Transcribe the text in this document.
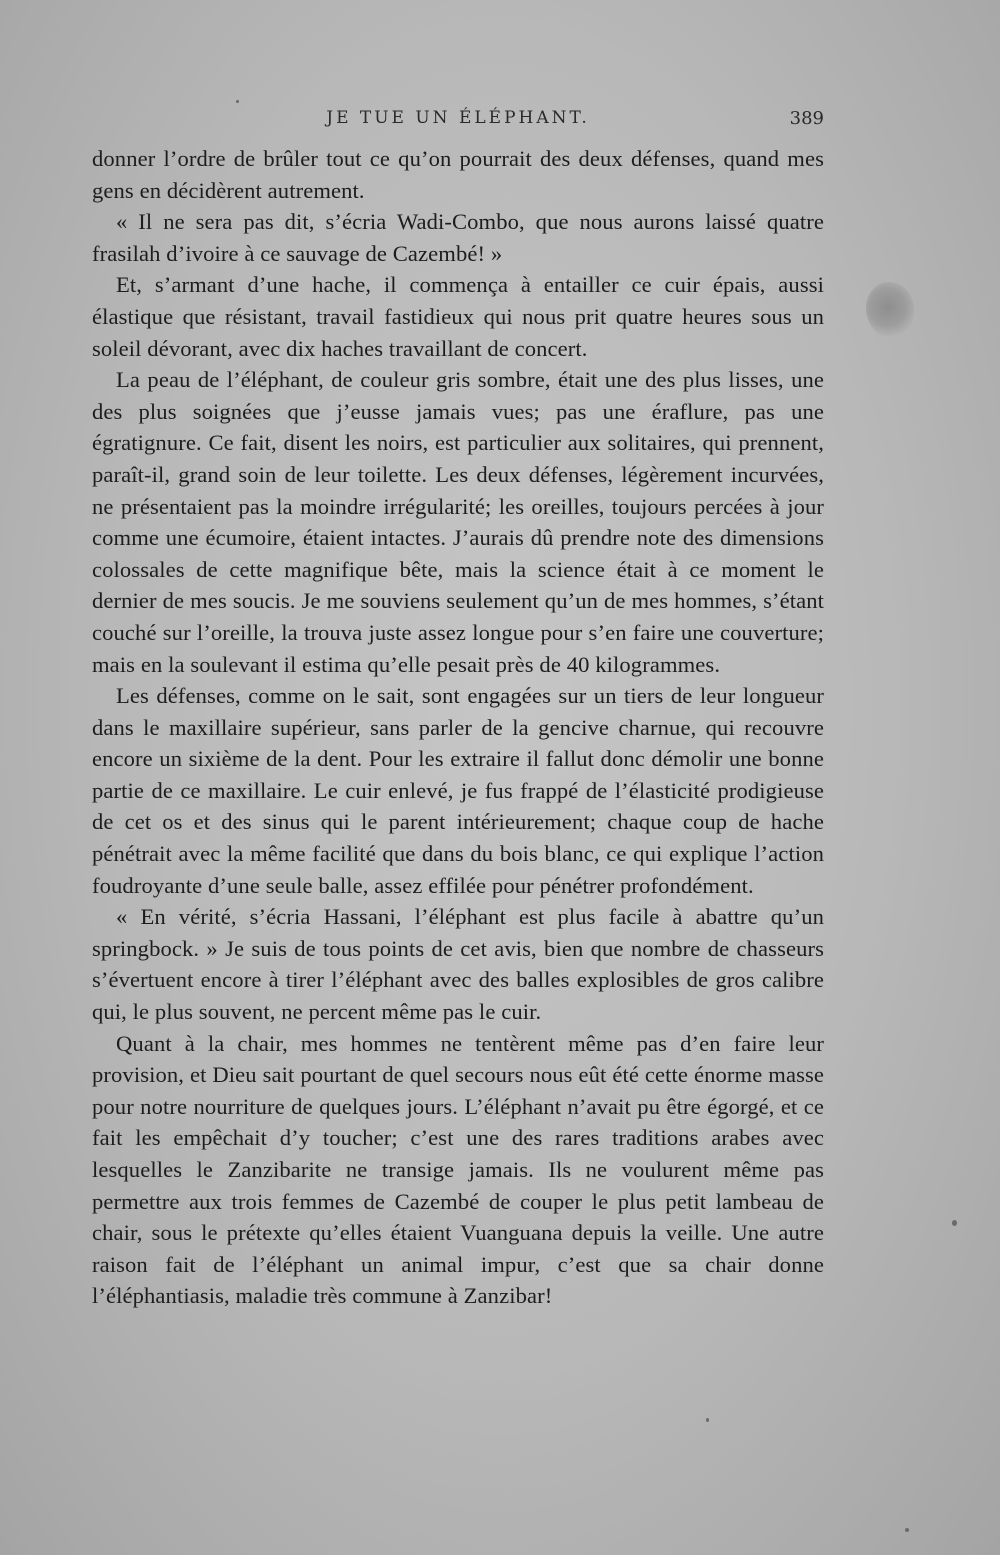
JE TUE UN ÉLÉPHANT.	389

donner l’ordre de brûler tout ce qu’on pourrait des deux défenses, quand mes gens en décidèrent autrement.

« Il ne sera pas dit, s’écria Wadi-Combo, que nous aurons laissé quatre frasilah d’ivoire à ce sauvage de Cazembé! »

Et, s’armant d’une hache, il commença à entailler ce cuir épais, aussi élastique que résistant, travail fastidieux qui nous prit quatre heures sous un soleil dévorant, avec dix haches travaillant de concert.

La peau de l’éléphant, de couleur gris sombre, était une des plus lisses, une des plus soignées que j’eusse jamais vues; pas une éraflure, pas une égratignure. Ce fait, disent les noirs, est particulier aux solitaires, qui prennent, paraît-il, grand soin de leur toilette. Les deux défenses, légèrement incurvées, ne présentaient pas la moindre irrégularité; les oreilles, toujours percées à jour comme une écumoire, étaient intactes. J’aurais dû prendre note des dimensions colossales de cette magnifique bête, mais la science était à ce moment le dernier de mes soucis. Je me souviens seulement qu’un de mes hommes, s’étant couché sur l’oreille, la trouva juste assez longue pour s’en faire une couverture; mais en la soulevant il estima qu’elle pesait près de 40 kilogrammes.

Les défenses, comme on le sait, sont engagées sur un tiers de leur longueur dans le maxillaire supérieur, sans parler de la gencive charnue, qui recouvre encore un sixième de la dent. Pour les extraire il fallut donc démolir une bonne partie de ce maxillaire. Le cuir enlevé, je fus frappé de l’élasticité prodigieuse de cet os et des sinus qui le parent intérieurement; chaque coup de hache pénétrait avec la même facilité que dans du bois blanc, ce qui explique l’action foudroyante d’une seule balle, assez effilée pour pénétrer profondément.

« En vérité, s’écria Hassani, l’éléphant est plus facile à abattre qu’un springbock. » Je suis de tous points de cet avis, bien que nombre de chasseurs s’évertuent encore à tirer l’éléphant avec des balles explosibles de gros calibre qui, le plus souvent, ne percent même pas le cuir.

Quant à la chair, mes hommes ne tentèrent même pas d’en faire leur provision, et Dieu sait pourtant de quel secours nous eût été cette énorme masse pour notre nourriture de quelques jours. L’éléphant n’avait pu être égorgé, et ce fait les empêchait d’y toucher; c’est une des rares traditions arabes avec lesquelles le Zanzibarite ne transige jamais. Ils ne voulurent même pas permettre aux trois femmes de Cazembé de couper le plus petit lambeau de chair, sous le prétexte qu’elles étaient Vuanguana depuis la veille. Une autre raison fait de l’éléphant un animal impur, c’est que sa chair donne l’éléphantiasis, maladie très commune à Zanzibar!
